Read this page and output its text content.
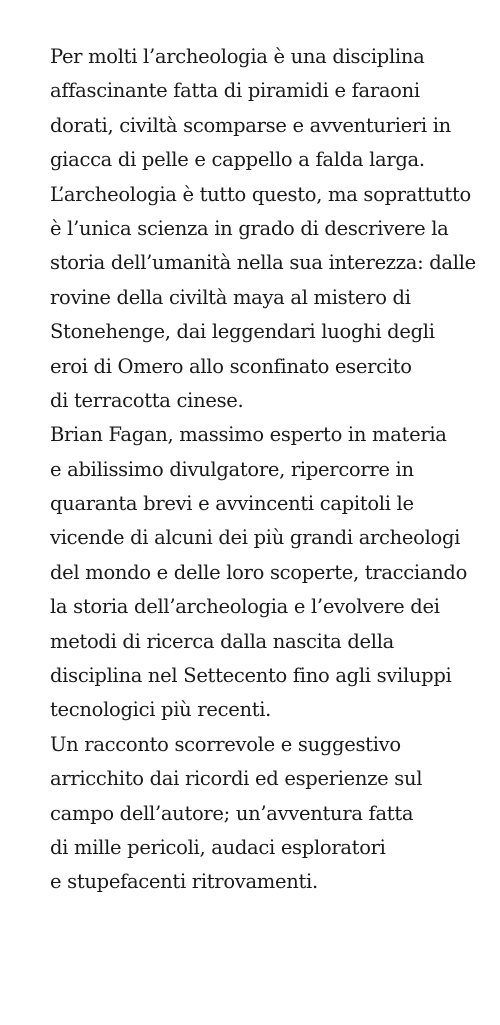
Per molti l’archeologia è una disciplina
affascinante fatta di piramidi e faraoni
dorati, civiltà scomparse e avventurieri in
giacca di pelle e cappello a falda larga.
L’archeologia è tutto questo, ma soprattutto
è l’unica scienza in grado di descrivere la
storia dell’umanità nella sua interezza: dalle
rovine della civiltà maya al mistero di
Stonehenge, dai leggendari luoghi degli
eroi di Omero allo sconfinato esercito
di terracotta cinese.
Brian Fagan, massimo esperto in materia
e abilissimo divulgatore, ripercorre in
quaranta brevi e avvincenti capitoli le
vicende di alcuni dei più grandi archeologi
del mondo e delle loro scoperte, tracciando
la storia dell’archeologia e l’evolvere dei
metodi di ricerca dalla nascita della
disciplina nel Settecento fino agli sviluppi
tecnologici più recenti.
Un racconto scorrevole e suggestivo
arricchito dai ricordi ed esperienze sul
campo dell’autore; un’avventura fatta
di mille pericoli, audaci esploratori
e stupefacenti ritrovamenti.
